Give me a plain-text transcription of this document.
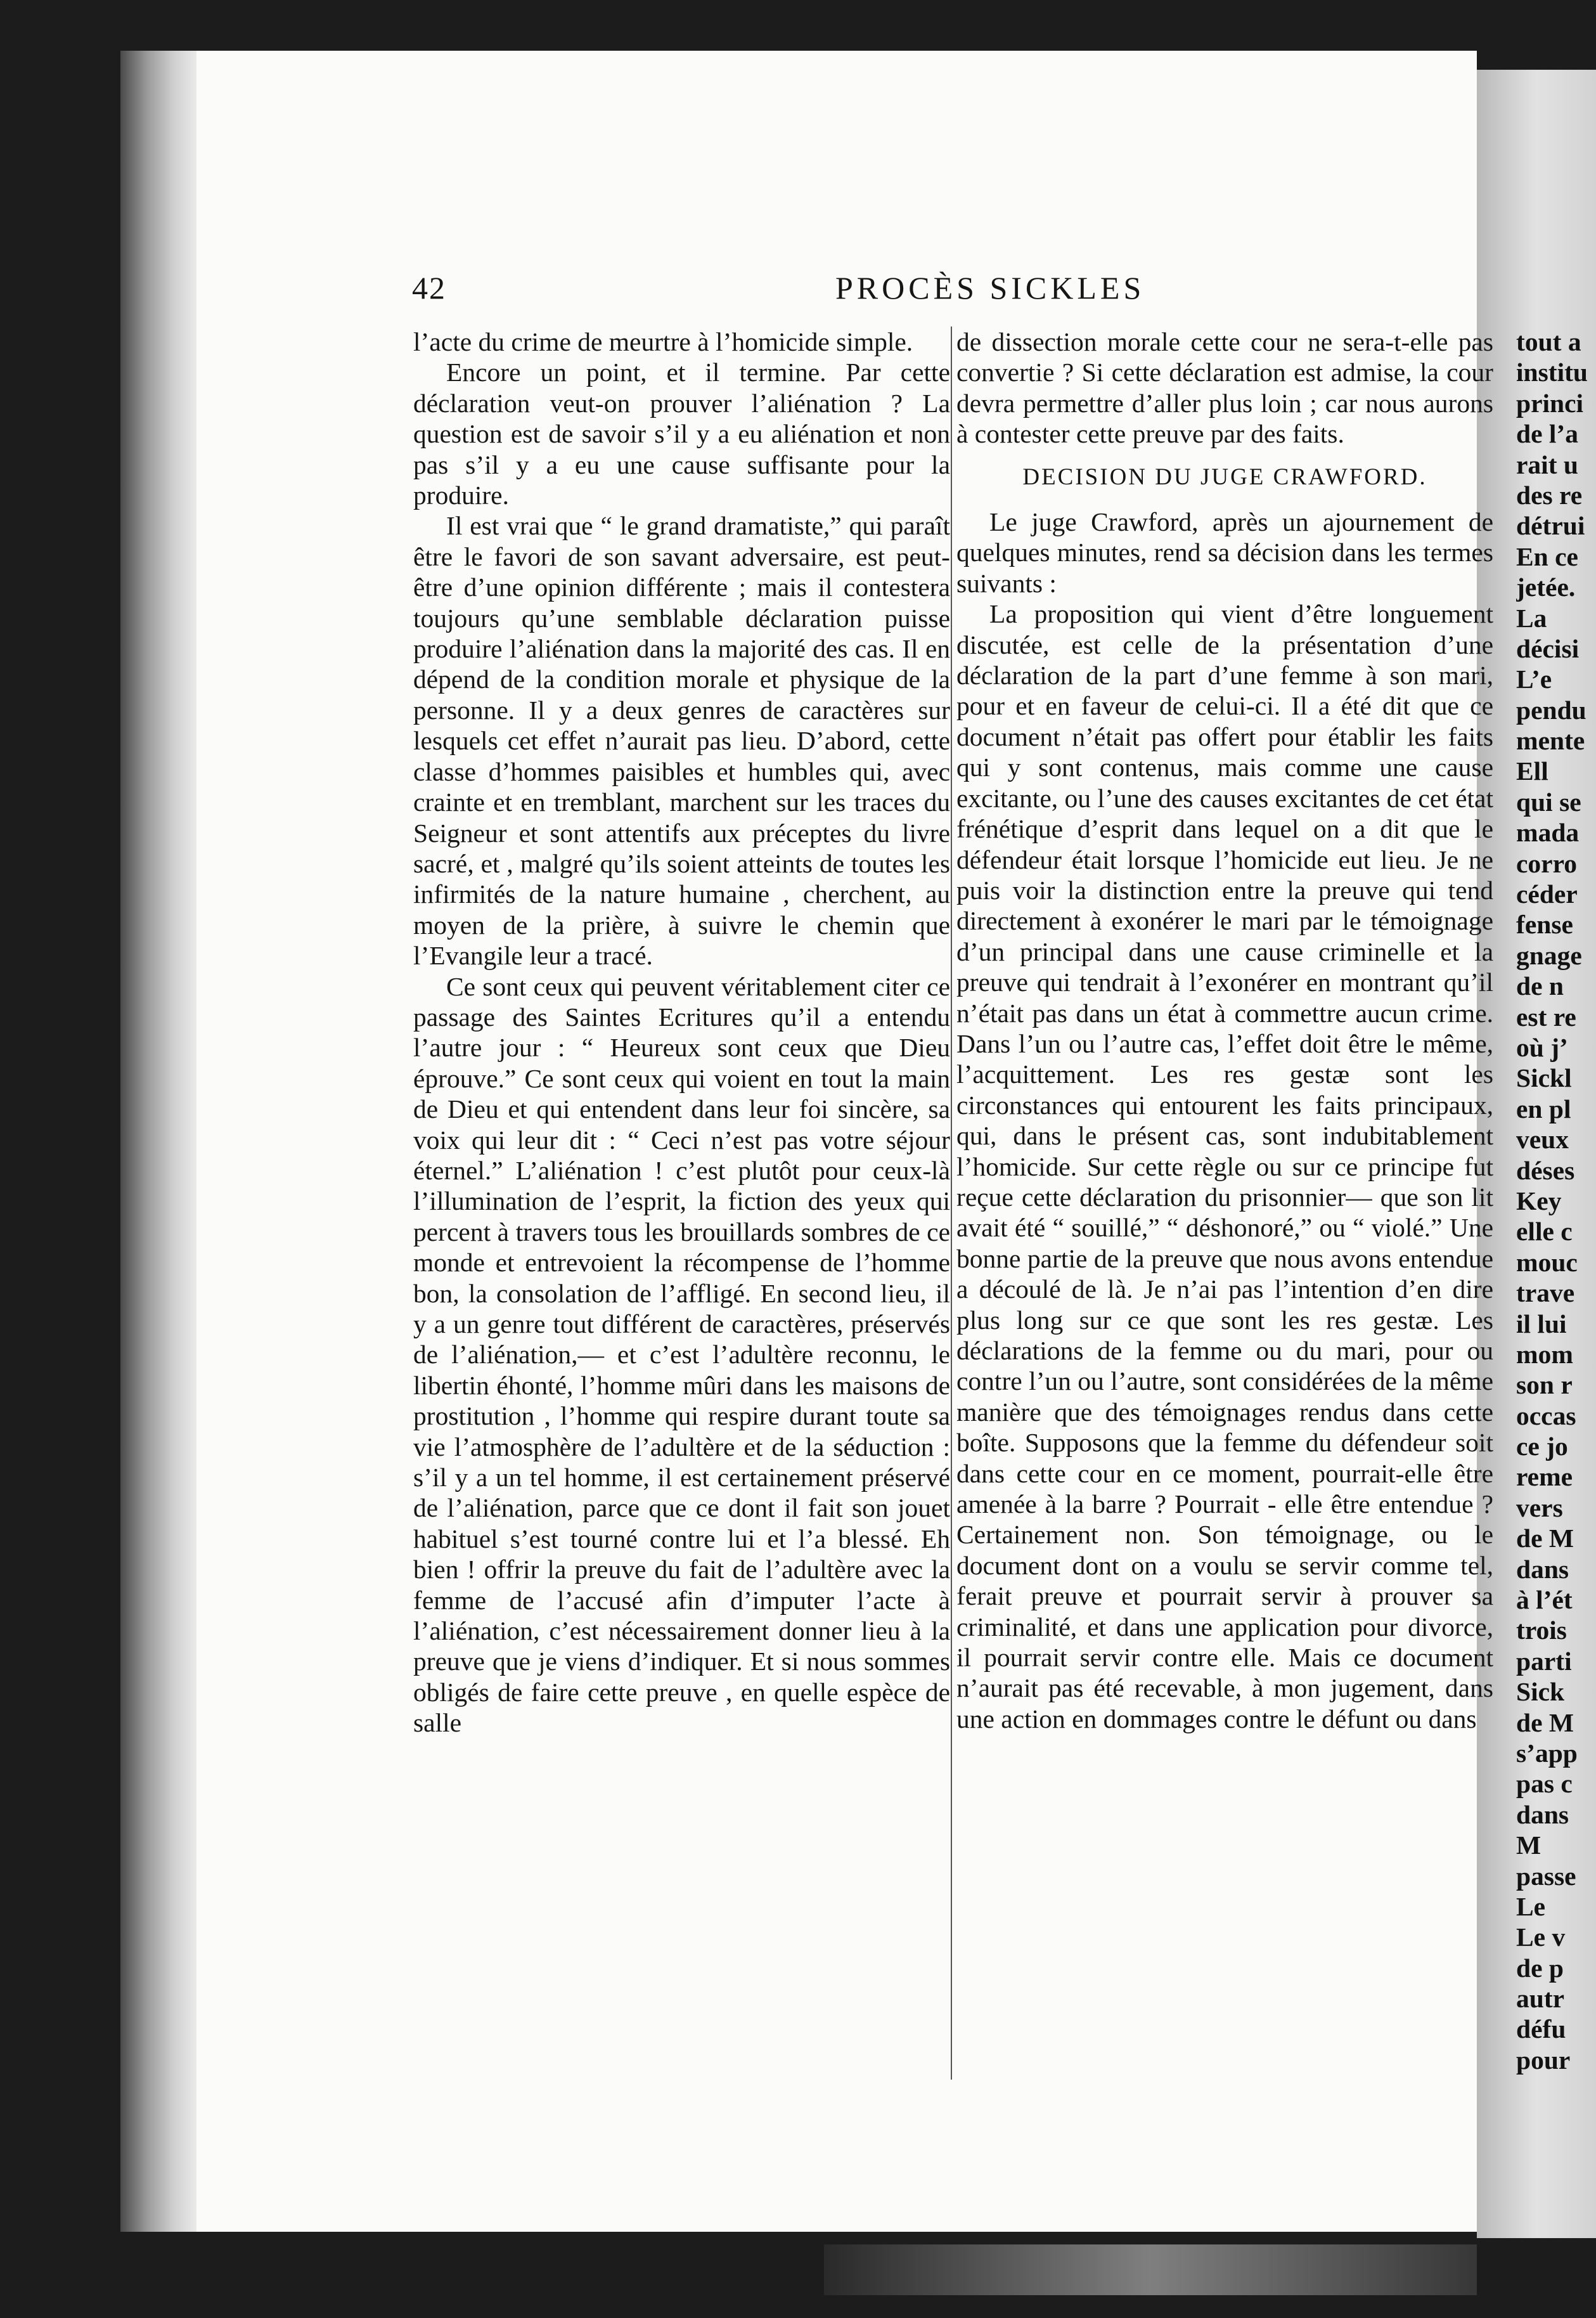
42	PROCÈS SICKLES

l’acte du crime de meurtre à l’homicide simple.

Encore un point, et il termine. Par cette déclaration veut-on prouver l’aliénation ? La question est de savoir s’il y a eu aliénation et non pas s’il y a eu une cause suffisante pour la produire.

Il est vrai que “ le grand dramatiste,” qui paraît être le favori de son savant adversaire, est peut-être d’une opinion différente ; mais il contestera toujours qu’une semblable déclaration puisse produire l’aliénation dans la majorité des cas. Il en dépend de la condition morale et physique de la personne. Il y a deux genres de caractères sur lesquels cet effet n’aurait pas lieu. D’abord, cette classe d’hommes paisibles et humbles qui, avec crainte et en tremblant, marchent sur les traces du Seigneur et sont attentifs aux préceptes du livre sacré, et , malgré qu’ils soient atteints de toutes les infirmités de la nature humaine , cherchent, au moyen de la prière, à suivre le chemin que l’Evangile leur a tracé.

Ce sont ceux qui peuvent véritablement citer ce passage des Saintes Ecritures qu’il a entendu l’autre jour : “ Heureux sont ceux que Dieu éprouve.” Ce sont ceux qui voient en tout la main de Dieu et qui entendent dans leur foi sincère, sa voix qui leur dit : “ Ceci n’est pas votre séjour éternel.” L’aliénation ! c’est plutôt pour ceux-là l’illumination de l’esprit, la fiction des yeux qui percent à travers tous les brouillards sombres de ce monde et entrevoient la récompense de l’homme bon, la consolation de l’affligé. En second lieu, il y a un genre tout différent de caractères, préservés de l’aliénation,— et c’est l’adultère reconnu, le libertin éhonté, l’homme mûri dans les maisons de prostitution , l’homme qui respire durant toute sa vie l’atmosphère de l’adultère et de la séduction : s’il y a un tel homme, il est certainement préservé de l’aliénation, parce que ce dont il fait son jouet habituel s’est tourné contre lui et l’a blessé. Eh bien ! offrir la preuve du fait de l’adultère avec la femme de l’accusé afin d’imputer l’acte à l’aliénation, c’est nécessairement donner lieu à la preuve que je viens d’indiquer. Et si nous sommes obligés de faire cette preuve , en quelle espèce de salle

de dissection morale cette cour ne sera-t-elle pas convertie ? Si cette déclaration est admise, la cour devra permettre d’aller plus loin ; car nous aurons à contester cette preuve par des faits.

DECISION DU JUGE CRAWFORD.

Le juge Crawford, après un ajournement de quelques minutes, rend sa décision dans les termes suivants :

La proposition qui vient d’être longuement discutée, est celle de la présentation d’une déclaration de la part d’une femme à son mari, pour et en faveur de celui-ci. Il a été dit que ce document n’était pas offert pour établir les faits qui y sont contenus, mais comme une cause excitante, ou l’une des causes excitantes de cet état frénétique d’esprit dans lequel on a dit que le défendeur était lorsque l’homicide eut lieu. Je ne puis voir la distinction entre la preuve qui tend directement à exonérer le mari par le témoignage d’un principal dans une cause criminelle et la preuve qui tendrait à l’exonérer en montrant qu’il n’était pas dans un état à commettre aucun crime. Dans l’un ou l’autre cas, l’effet doit être le même, l’acquittement. Les res gestæ sont les circonstances qui entourent les faits principaux, qui, dans le présent cas, sont indubitablement l’homicide. Sur cette règle ou sur ce principe fut reçue cette déclaration du prisonnier— que son lit avait été “ souillé,” “ déshonoré,” ou “ violé.” Une bonne partie de la preuve que nous avons entendue a découlé de là. Je n’ai pas l’intention d’en dire plus long sur ce que sont les res gestæ. Les déclarations de la femme ou du mari, pour ou contre l’un ou l’autre, sont considérées de la même manière que des témoignages rendus dans cette boîte. Supposons que la femme du défendeur soit dans cette cour en ce moment, pourrait-elle être amenée à la barre ? Pourrait - elle être entendue ? Certainement non. Son témoignage, ou le document dont on a voulu se servir comme tel, ferait preuve et pourrait servir à prouver sa criminalité, et dans une application pour divorce, il pourrait servir contre elle. Mais ce document n’aurait pas été recevable, à mon jugement, dans une action en dommages contre le défunt ou dans

tout a
institu
princi
de l’a
rait u
des re
détrui
En ce
jetée.
La
décisi
L’e
pendu
mente
Ell
qui se
mada
corro
céder
fense
gnage
de n
est re
où j’
Sickl
en pl
veux
déses
Key
elle c
mouc
trave
il lui
mom
son r
occas
ce jo
reme
vers
de M
dans
à l’ét
trois
parti
Sick
de M
s’app
pas c
dans
M
passe
Le
Le v
de p
autr
défu
pour
